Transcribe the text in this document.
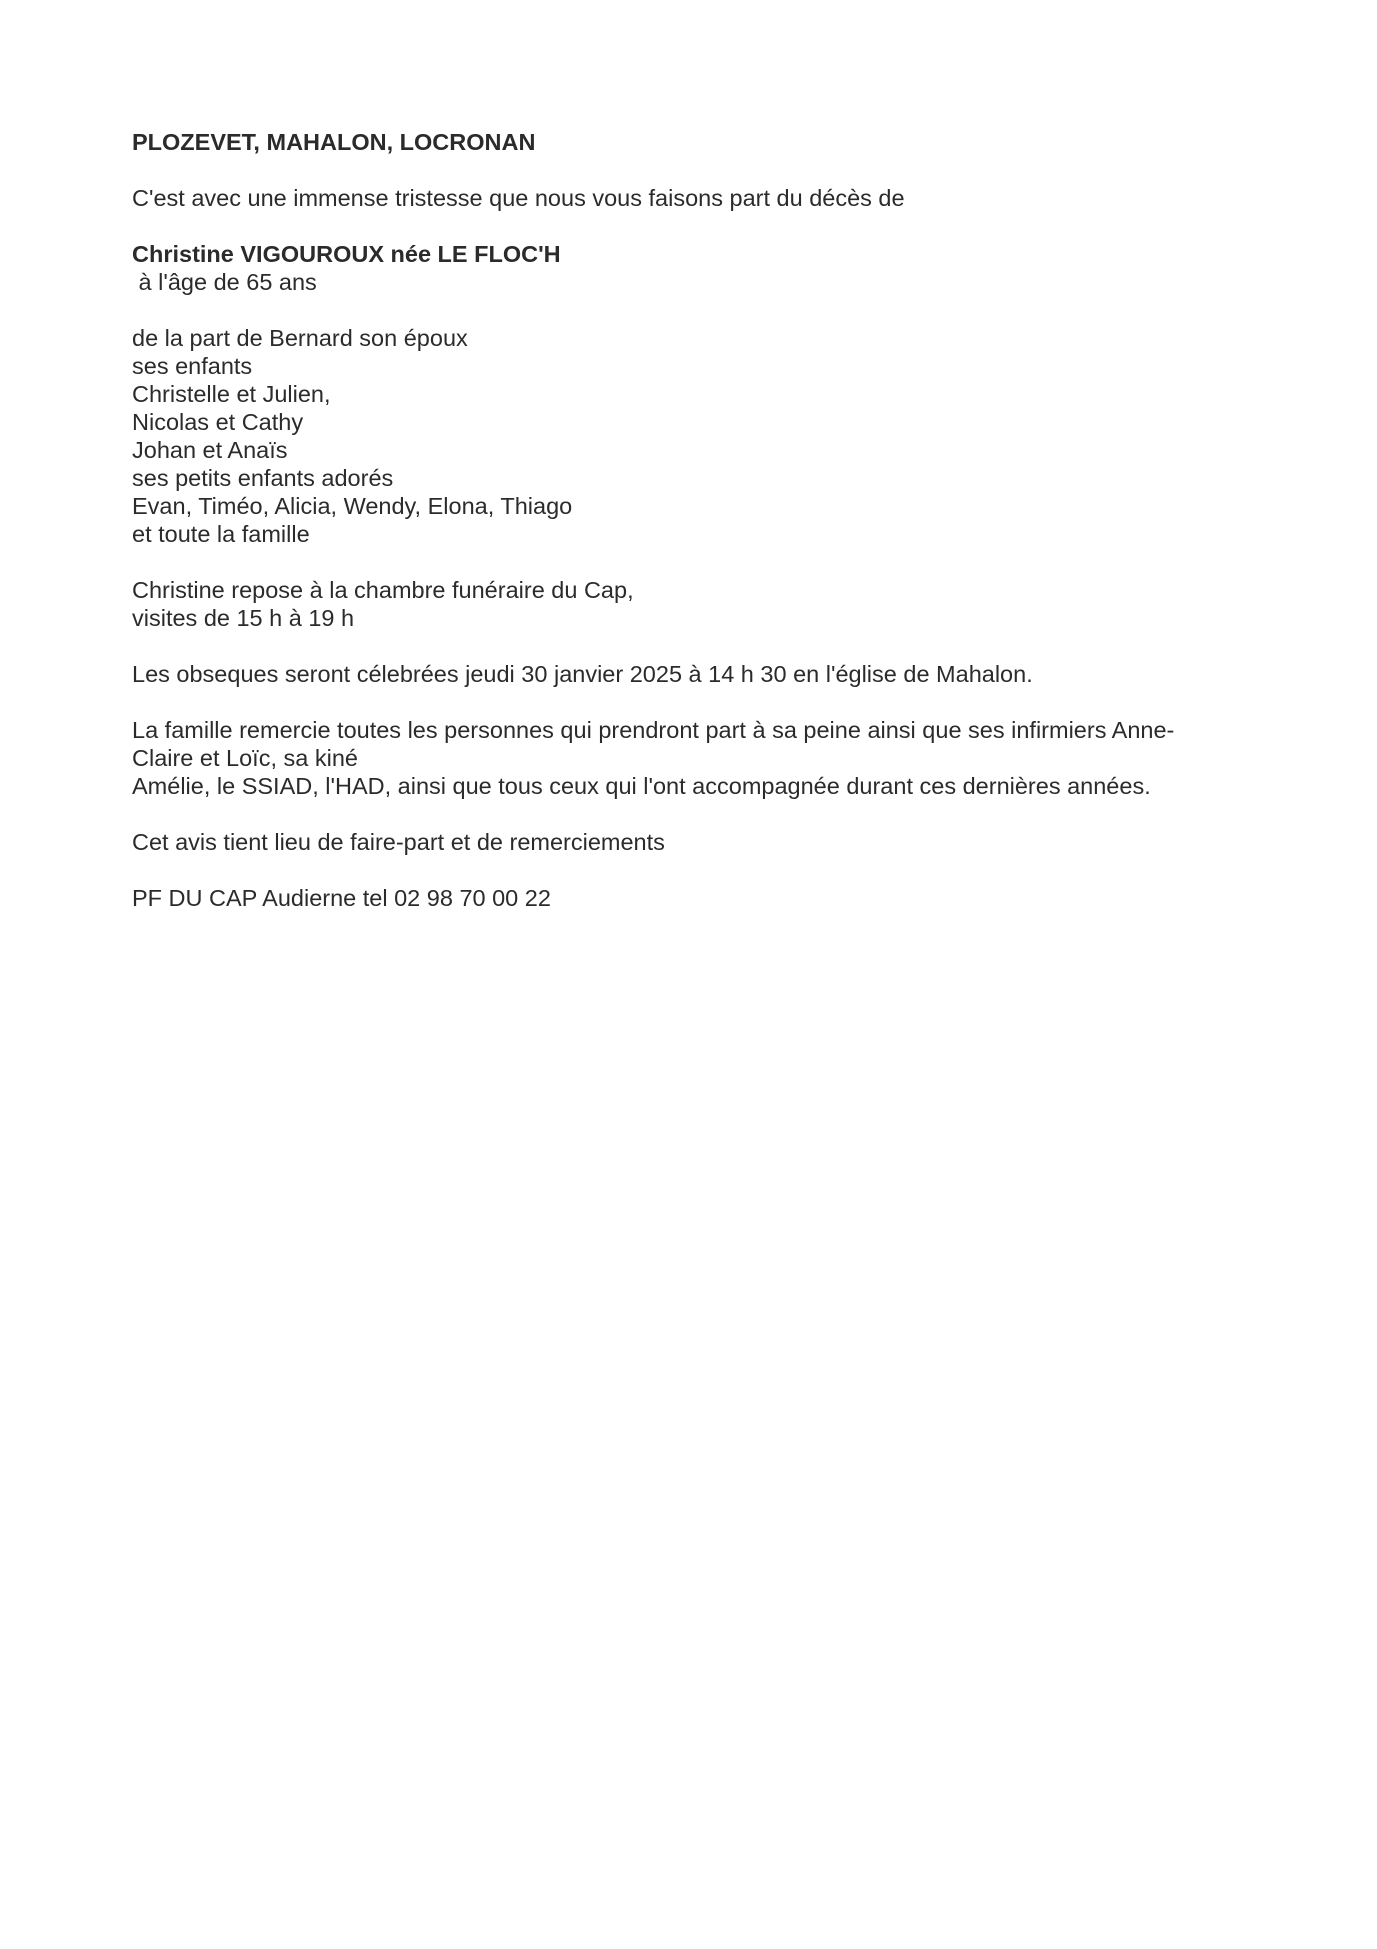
PLOZEVET, MAHALON, LOCRONAN

C'est avec une immense tristesse que nous vous faisons part du décès de

Christine VIGOUROUX née LE FLOC'H

à l'âge de 65 ans

de la part de Bernard son époux

ses enfants

Christelle et Julien,

Nicolas et Cathy

Johan et Anaïs

ses petits enfants adorés

Evan, Timéo, Alicia, Wendy, Elona, Thiago

et toute la famille

Christine repose à la chambre funéraire du Cap,

visites de 15 h à 19 h

Les obseques seront célebrées jeudi 30 janvier 2025 à 14 h 30 en l'église de Mahalon.

La famille remercie toutes les personnes qui prendront part à sa peine ainsi que ses infirmiers Anne-

Claire et Loïc, sa kiné

Amélie, le SSIAD, l'HAD, ainsi que tous ceux qui l'ont accompagnée durant ces dernières années.

Cet avis tient lieu de faire-part et de remerciements

PF DU CAP Audierne tel 02 98 70 00 22
